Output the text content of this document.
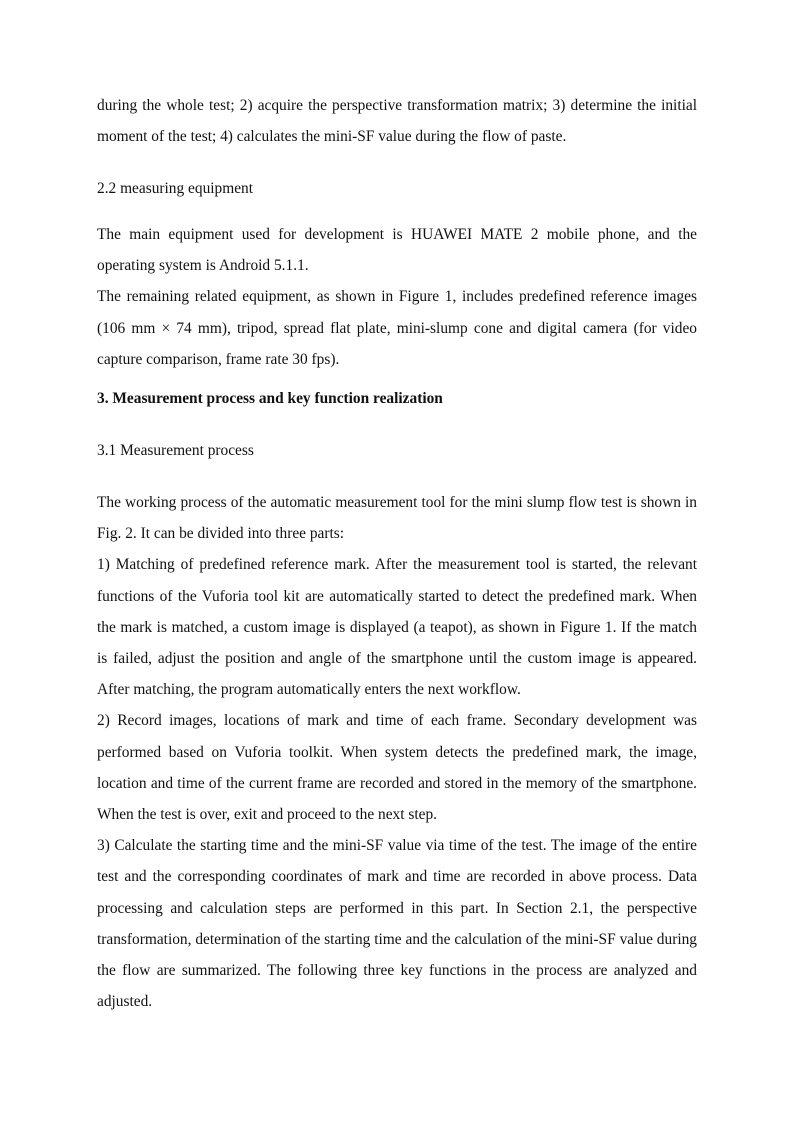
during the whole test; 2) acquire the perspective transformation matrix; 3) determine the initial moment of the test; 4) calculates the mini-SF value during the flow of paste.

2.2 measuring equipment

The main equipment used for development is HUAWEI MATE 2 mobile phone, and the operating system is Android 5.1.1.

The remaining related equipment, as shown in Figure 1, includes predefined reference images (106 mm × 74 mm), tripod, spread flat plate, mini-slump cone and digital camera (for video capture comparison, frame rate 30 fps).

3. Measurement process and key function realization

3.1 Measurement process

The working process of the automatic measurement tool for the mini slump flow test is shown in Fig. 2. It can be divided into three parts:

1) Matching of predefined reference mark. After the measurement tool is started, the relevant functions of the Vuforia tool kit are automatically started to detect the predefined mark. When the mark is matched, a custom image is displayed (a teapot), as shown in Figure 1. If the match is failed, adjust the position and angle of the smartphone until the custom image is appeared. After matching, the program automatically enters the next workflow.

2) Record images, locations of mark and time of each frame. Secondary development was performed based on Vuforia toolkit. When system detects the predefined mark, the image, location and time of the current frame are recorded and stored in the memory of the smartphone. When the test is over, exit and proceed to the next step.

3) Calculate the starting time and the mini-SF value via time of the test. The image of the entire test and the corresponding coordinates of mark and time are recorded in above process. Data processing and calculation steps are performed in this part. In Section 2.1, the perspective transformation, determination of the starting time and the calculation of the mini-SF value during the flow are summarized. The following three key functions in the process are analyzed and adjusted.
